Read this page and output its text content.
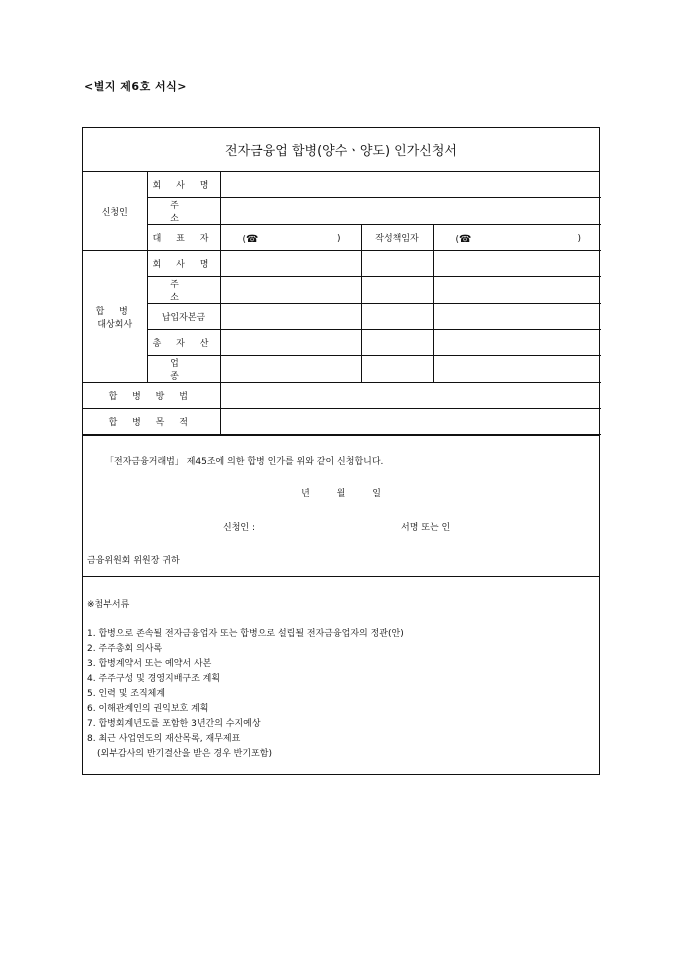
<별지 제6호 서식>
전자금융업 합병(양수ㆍ양도) 인가신청서
신청인	회 사 명			
	주 소			
	대 표 자	(☎ )	작성책임자	(☎ )

합 병
대상회사	회 사 명			
	주 소			
	납입자본금			
	총 자 산			
	업 종			
합 병 방 법				
합 병 목 적				
「전자금융거래법」 제45조에 의한 합병 인가를 위와 같이 신청합니다.
년	월	일
신청인 :	서명 또는 인
금융위원회 위원장 귀하
※첨부서류
1. 합병으로 존속될 전자금융업자 또는 합병으로 설립될 전자금융업자의 정관(안)
2. 주주총회 의사록
3. 합병계약서 또는 예약서 사본
4. 주주구성 및 경영지배구조 계획
5. 인력 및 조직체계
6. 이해관계인의 권익보호 계획
7. 합병회계년도를 포함한 3년간의 수지예상
8. 최근 사업연도의 재산목록, 재무제표
(외부감사의 반기결산을 받은 경우 반기포함)
